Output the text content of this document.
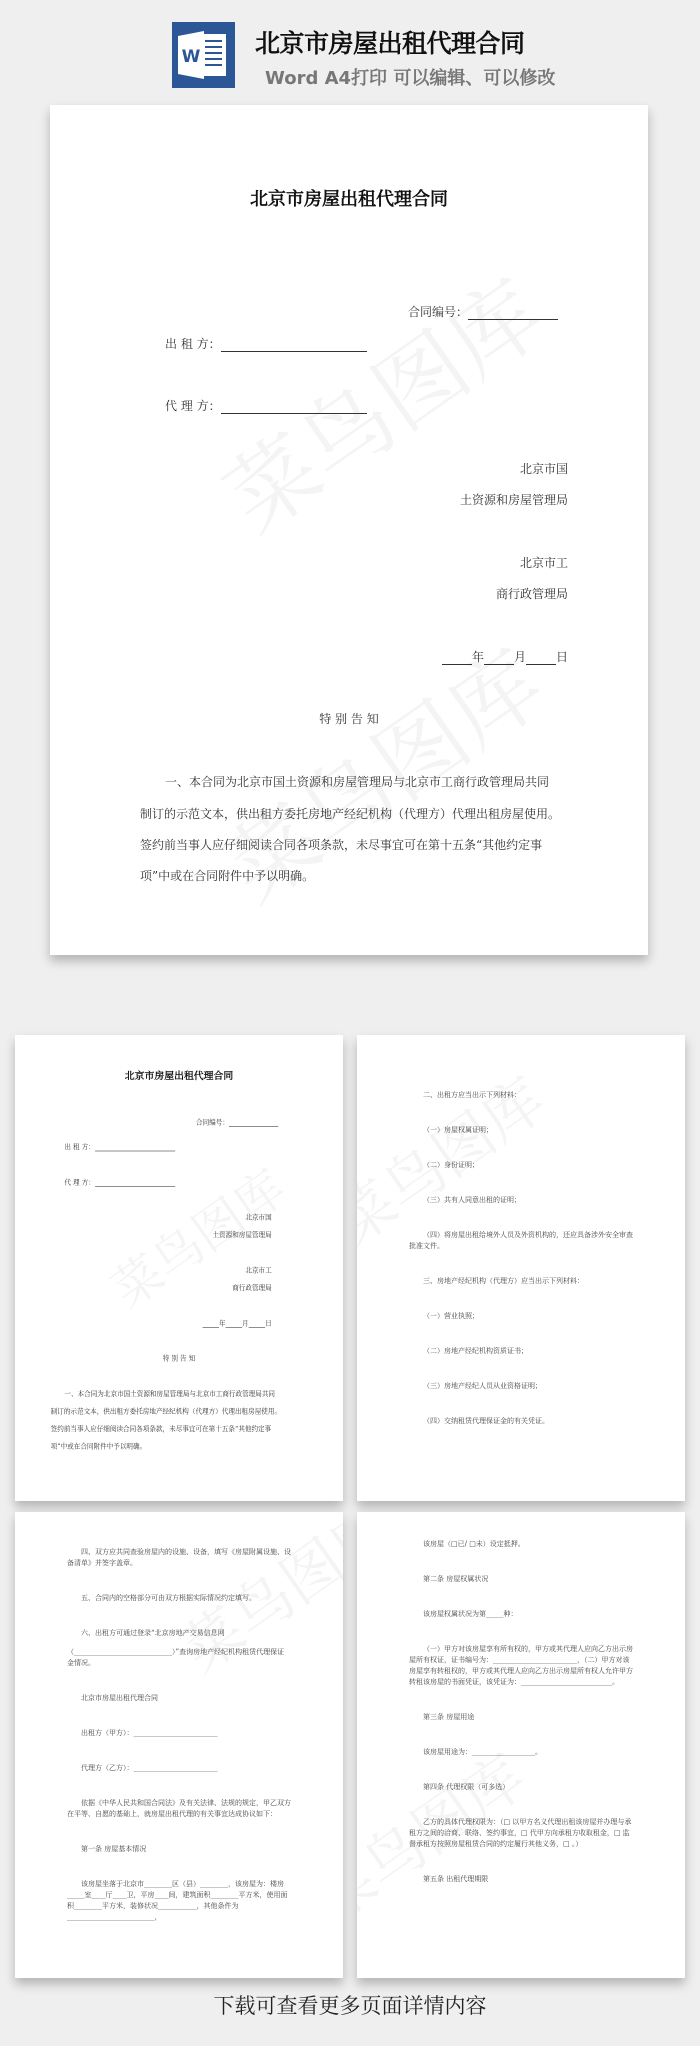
W 北京市房屋出租代理合同
Word A4打印 可以编辑、可以修改
北京市房屋出租代理合同
合同编号：
出 租 方：
代 理 方：
北京市国
土资源和房屋管理局
北京市工
商行政管理局
年	月	日
特 别 告 知
一、本合同为北京市国土资源和房屋管理局与北京市工商行政管理局共同
制订的示范文本，供出租方委托房地产经纪机构（代理方）代理出租房屋使用。
签约前当事人应仔细阅读合同各项条款，未尽事宜可在第十五条“其他约定事
项”中或在合同附件中予以明确。
北京市房屋出租代理合同
合同编号：
出 租 方：
代 理 方：
北京市国
土资源和房屋管理局
北京市工
商行政管理局
年 月 日
特 别 告 知
一、本合同为北京市国土资源和房屋管理局与北京市工商行政管理局共同
制订的示范文本，供出租方委托房地产经纪机构（代理方）代理出租房屋使用。
签约前当事人应仔细阅读合同各项条款，未尽事宜可在第十五条“其他约定事
项”中或在合同附件中予以明确。

二、出租方应当出示下列材料：

（一）房屋权属证明；

（二）身份证明；

（三）共有人同意出租的证明；

（四）将房屋出租给境外人员及外资机构的，还应具备涉外安全审查批准文件。

三、房地产经纪机构（代理方）应当出示下列材料：

（一）营业执照；

（二）房地产经纪机构资质证书；

（三）房地产经纪人员从业资格证明；

（四）交纳租赁代理保证金的有关凭证。

四、双方应共同查验房屋内的设施、设备，填写《房屋附属设施、设备清单》并签字盖章。

五、合同内的空格部分可由双方根据实际情况约定填写。

六、出租方可通过登录“北京房地产交易信息网

（____________________________）”查询房地产经纪机构租赁代理保证金情况。

北京市房屋出租代理合同

出租方（甲方）：________________________

代理方（乙方）：________________________

依据《中华人民共和国合同法》及有关法律、法规的规定，甲乙双方在平等、自愿的基础上，就房屋出租代理的有关事宜达成协议如下：

第一条 房屋基本情况

该房屋坐落于北京市________区（县）________，该房屋为：楼房_____室____厅____卫，平房____间，建筑面积________平方米，使用面积________平方米，装修状况___________，其他条件为_________________________，

该房屋（□已/ □未）设定抵押。

第二条 房屋权属状况

该房屋权属状况为第_____种：

（一）甲方对该房屋享有所有权的，甲方或其代理人应向乙方出示房屋所有权证，证书编号为：________________________，（二）甲方对该房屋享有转租权的，甲方或其代理人应向乙方出示房屋所有权人允许甲方转租该房屋的书面凭证，该凭证为：__________________________。

第三条 房屋用途

该房屋用途为：__________________。

第四条 代理权限（可多选）

乙方的具体代理权限为：（□ 以甲方名义代理出租该房屋并办理与承租方之间的洽商、联络、签约事宜，□ 代甲方向承租方收取租金，□ 监督承租方按照房屋租赁合同的约定履行其他义务，□ 。）

第五条 出租代理期限

下载可查看更多页面详情内容
